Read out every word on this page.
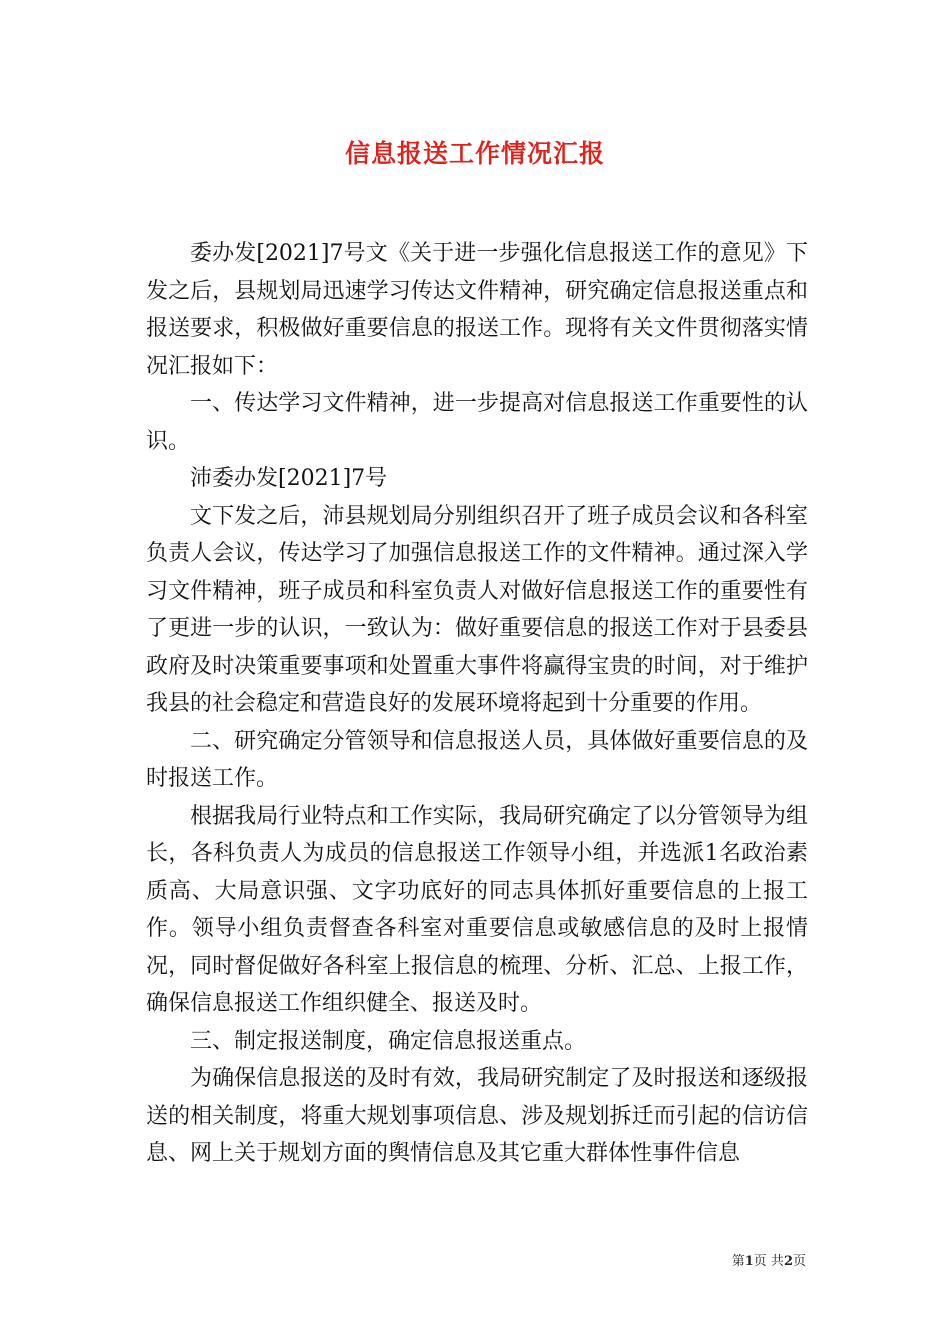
信息报送工作情况汇报

委办发[2021]7号文《关于进一步强化信息报送工作的意见》下发之后，县规划局迅速学习传达文件精神，研究确定信息报送重点和报送要求，积极做好重要信息的报送工作。现将有关文件贯彻落实情况汇报如下：

一、传达学习文件精神，进一步提高对信息报送工作重要性的认识。

沛委办发[2021]7号

文下发之后，沛县规划局分别组织召开了班子成员会议和各科室负责人会议，传达学习了加强信息报送工作的文件精神。通过深入学习文件精神，班子成员和科室负责人对做好信息报送工作的重要性有了更进一步的认识，一致认为：做好重要信息的报送工作对于县委县政府及时决策重要事项和处置重大事件将赢得宝贵的时间，对于维护我县的社会稳定和营造良好的发展环境将起到十分重要的作用。

二、研究确定分管领导和信息报送人员，具体做好重要信息的及时报送工作。

根据我局行业特点和工作实际，我局研究确定了以分管领导为组长，各科负责人为成员的信息报送工作领导小组，并选派1名政治素质高、大局意识强、文字功底好的同志具体抓好重要信息的上报工作。领导小组负责督查各科室对重要信息或敏感信息的及时上报情况，同时督促做好各科室上报信息的梳理、分析、汇总、上报工作，确保信息报送工作组织健全、报送及时。

三、制定报送制度，确定信息报送重点。

为确保信息报送的及时有效，我局研究制定了及时报送和逐级报送的相关制度，将重大规划事项信息、涉及规划拆迁而引起的信访信息、网上关于规划方面的舆情信息及其它重大群体性事件信息

第1页 共2页
